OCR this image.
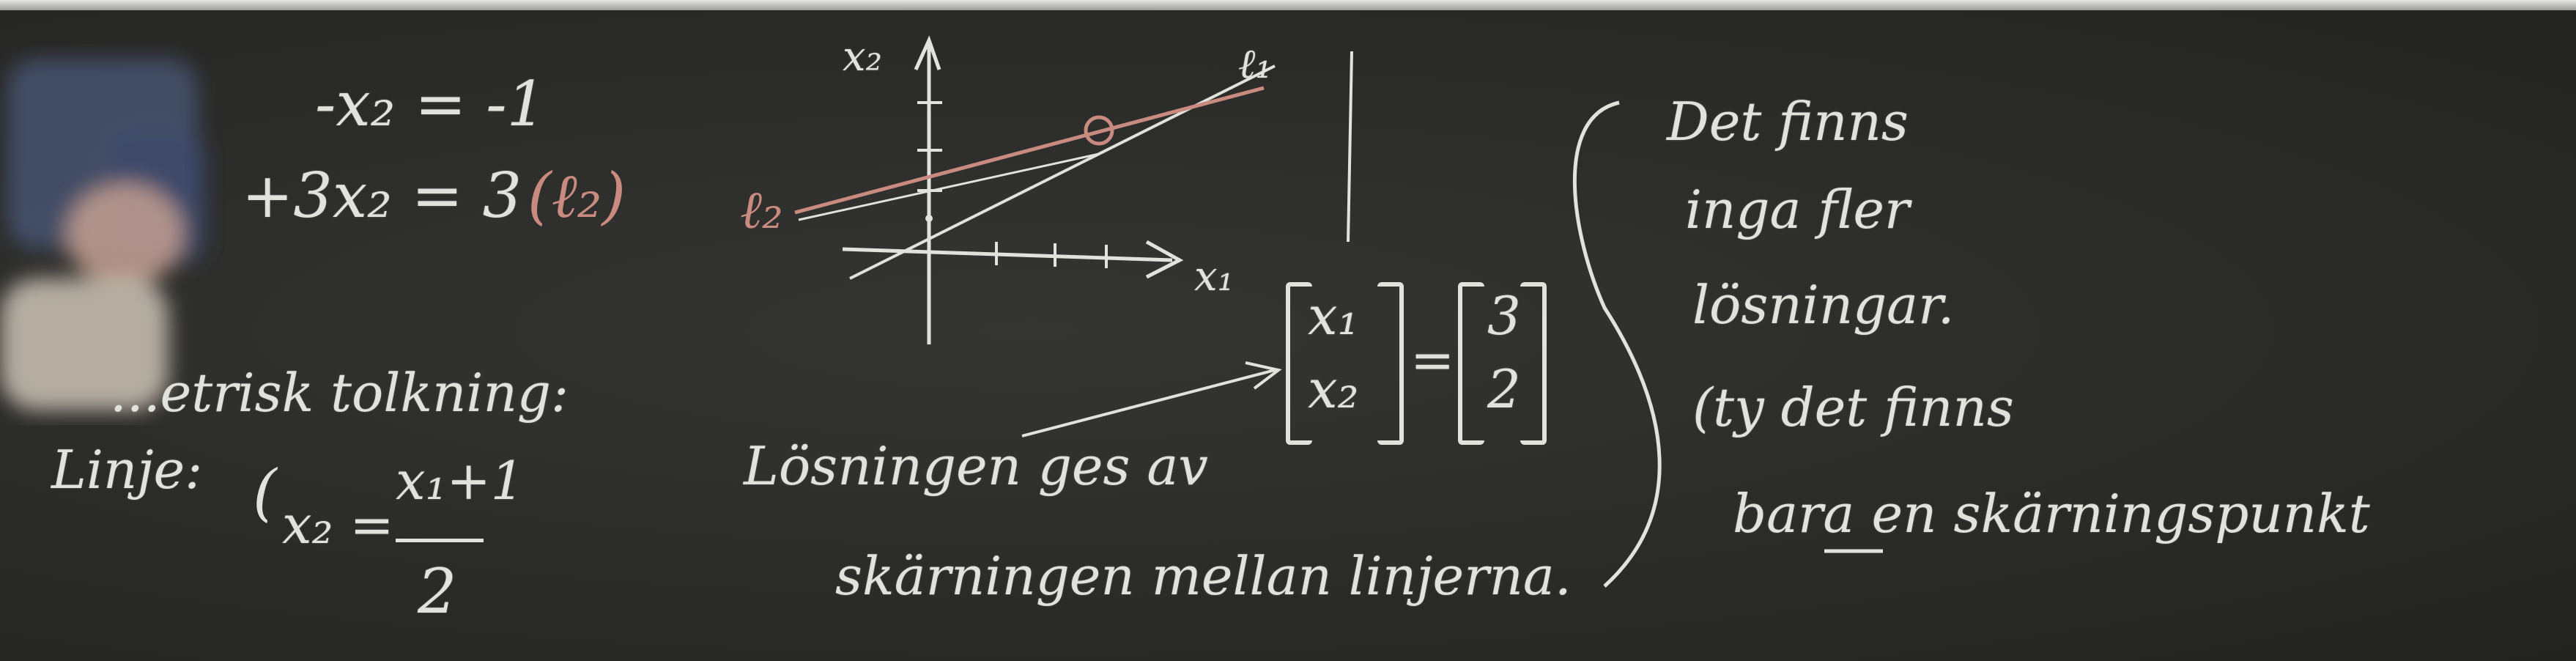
-x₂ = -1
+3x₂ = 3 (ℓ₂)
...etrisk tolkning:
Linje: ( x₂ =
x₁+1
2
x₂
x₁
ℓ₁
ℓ₂
x₁
x₂ =
3
2
Lösningen ges av
skärningen mellan linjerna.
Det finns
inga fler
lösningar.
(ty det finns
bara en skärningspunkt
